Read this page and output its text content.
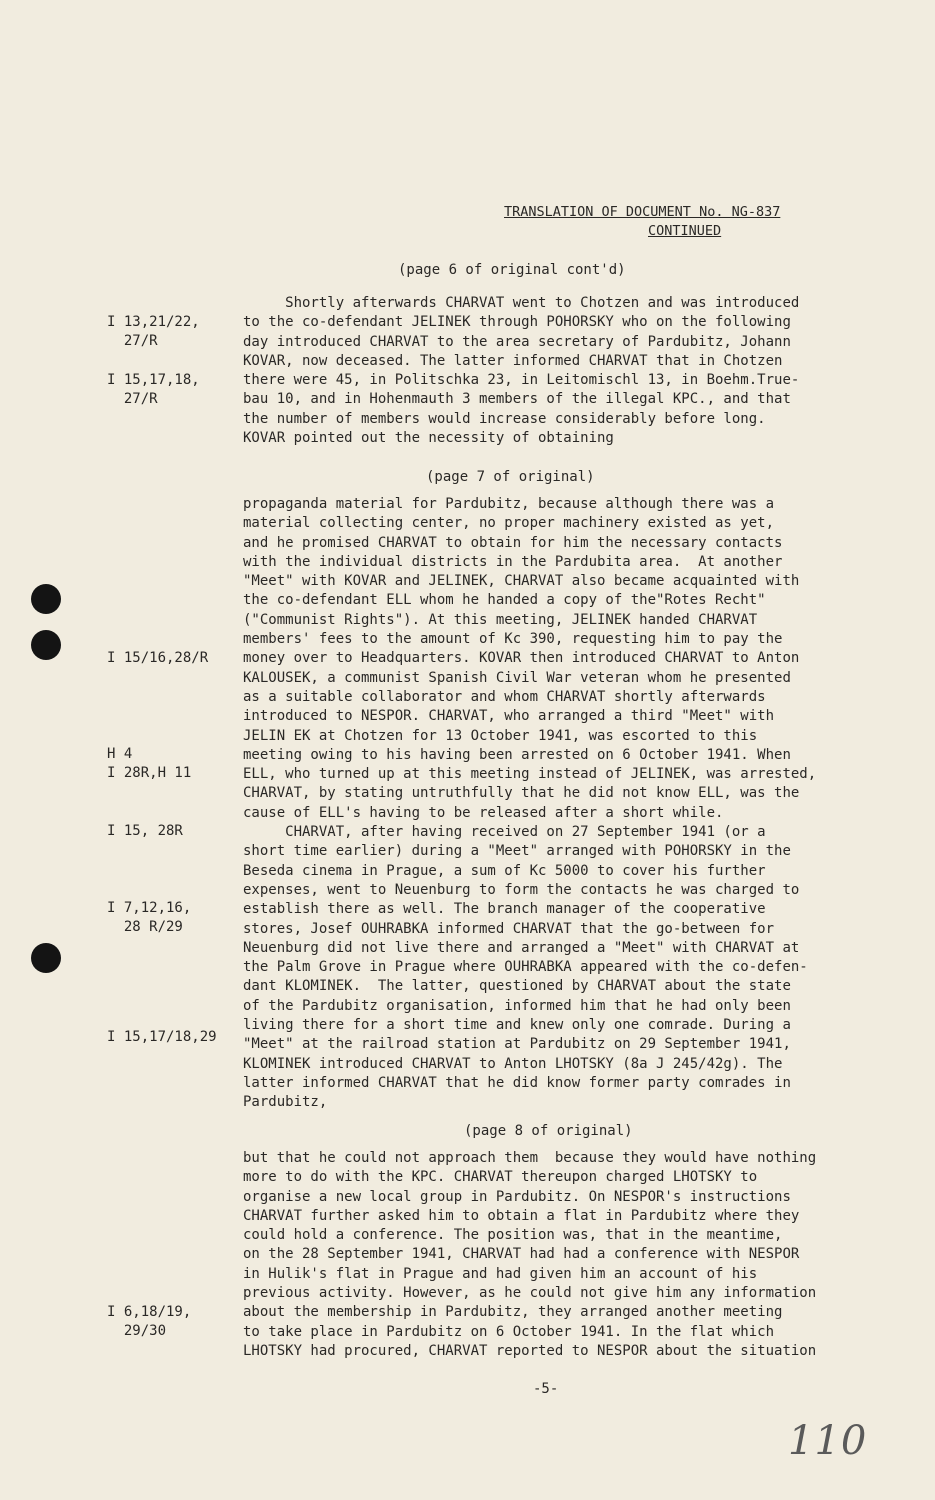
TRANSLATION OF DOCUMENT No. NG-837
CONTINUED
(page 6 of original cont'd)
(page 7 of original)
(page 8 of original)
I 13,21/22,
27/R
I 15,17,18,
27/R
I 15/16,28/R
H 4
I 28R,H 11
I 15, 28R
I 7,12,16,
28 R/29
I 15,17/18,29
I 6,18/19,
29/30
Shortly afterwards CHARVAT went to Chotzen and was introduced
to the co-defendant JELINEK through POHORSKY who on the following
day introduced CHARVAT to the area secretary of Pardubitz, Johann
KOVAR, now deceased. The latter informed CHARVAT that in Chotzen
there were 45, in Politschka 23, in Leitomischl 13, in Boehm.True-
bau 10, and in Hohenmauth 3 members of the illegal KPC., and that
the number of members would increase considerably before long.
KOVAR pointed out the necessity of obtaining
propaganda material for Pardubitz, because although there was a
material collecting center, no proper machinery existed as yet,
and he promised CHARVAT to obtain for him the necessary contacts
with the individual districts in the Pardubita area.  At another
"Meet" with KOVAR and JELINEK, CHARVAT also became acquainted with
the co-defendant ELL whom he handed a copy of the"Rotes Recht"
("Communist Rights"). At this meeting, JELINEK handed CHARVAT
members' fees to the amount of Kc 390, requesting him to pay the
money over to Headquarters. KOVAR then introduced CHARVAT to Anton
KALOUSEK, a communist Spanish Civil War veteran whom he presented
as a suitable collaborator and whom CHARVAT shortly afterwards
introduced to NESPOR. CHARVAT, who arranged a third "Meet" with
JELIN EK at Chotzen for 13 October 1941, was escorted to this
meeting owing to his having been arrested on 6 October 1941. When
ELL, who turned up at this meeting instead of JELINEK, was arrested,
CHARVAT, by stating untruthfully that he did not know ELL, was the
cause of ELL's having to be released after a short while.
CHARVAT, after having received on 27 September 1941 (or a
short time earlier) during a "Meet" arranged with POHORSKY in the
Beseda cinema in Prague, a sum of Kc 5000 to cover his further
expenses, went to Neuenburg to form the contacts he was charged to
establish there as well. The branch manager of the cooperative
stores, Josef OUHRABKA informed CHARVAT that the go-between for
Neuenburg did not live there and arranged a "Meet" with CHARVAT at
the Palm Grove in Prague where OUHRABKA appeared with the co-defen-
dant KLOMINEK.  The latter, questioned by CHARVAT about the state
of the Pardubitz organisation, informed him that he had only been
living there for a short time and knew only one comrade. During a
"Meet" at the railroad station at Pardubitz on 29 September 1941,
KLOMINEK introduced CHARVAT to Anton LHOTSKY (8a J 245/42g). The
latter informed CHARVAT that he did know former party comrades in
Pardubitz,
but that he could not approach them  because they would have nothing
more to do with the KPC. CHARVAT thereupon charged LHOTSKY to
organise a new local group in Pardubitz. On NESPOR's instructions
CHARVAT further asked him to obtain a flat in Pardubitz where they
could hold a conference. The position was, that in the meantime,
on the 28 September 1941, CHARVAT had had a conference with NESPOR
in Hulik's flat in Prague and had given him an account of his
previous activity. However, as he could not give him any information
about the membership in Pardubitz, they arranged another meeting
to take place in Pardubitz on 6 October 1941. In the flat which
LHOTSKY had procured, CHARVAT reported to NESPOR about the situation
-5-
110
